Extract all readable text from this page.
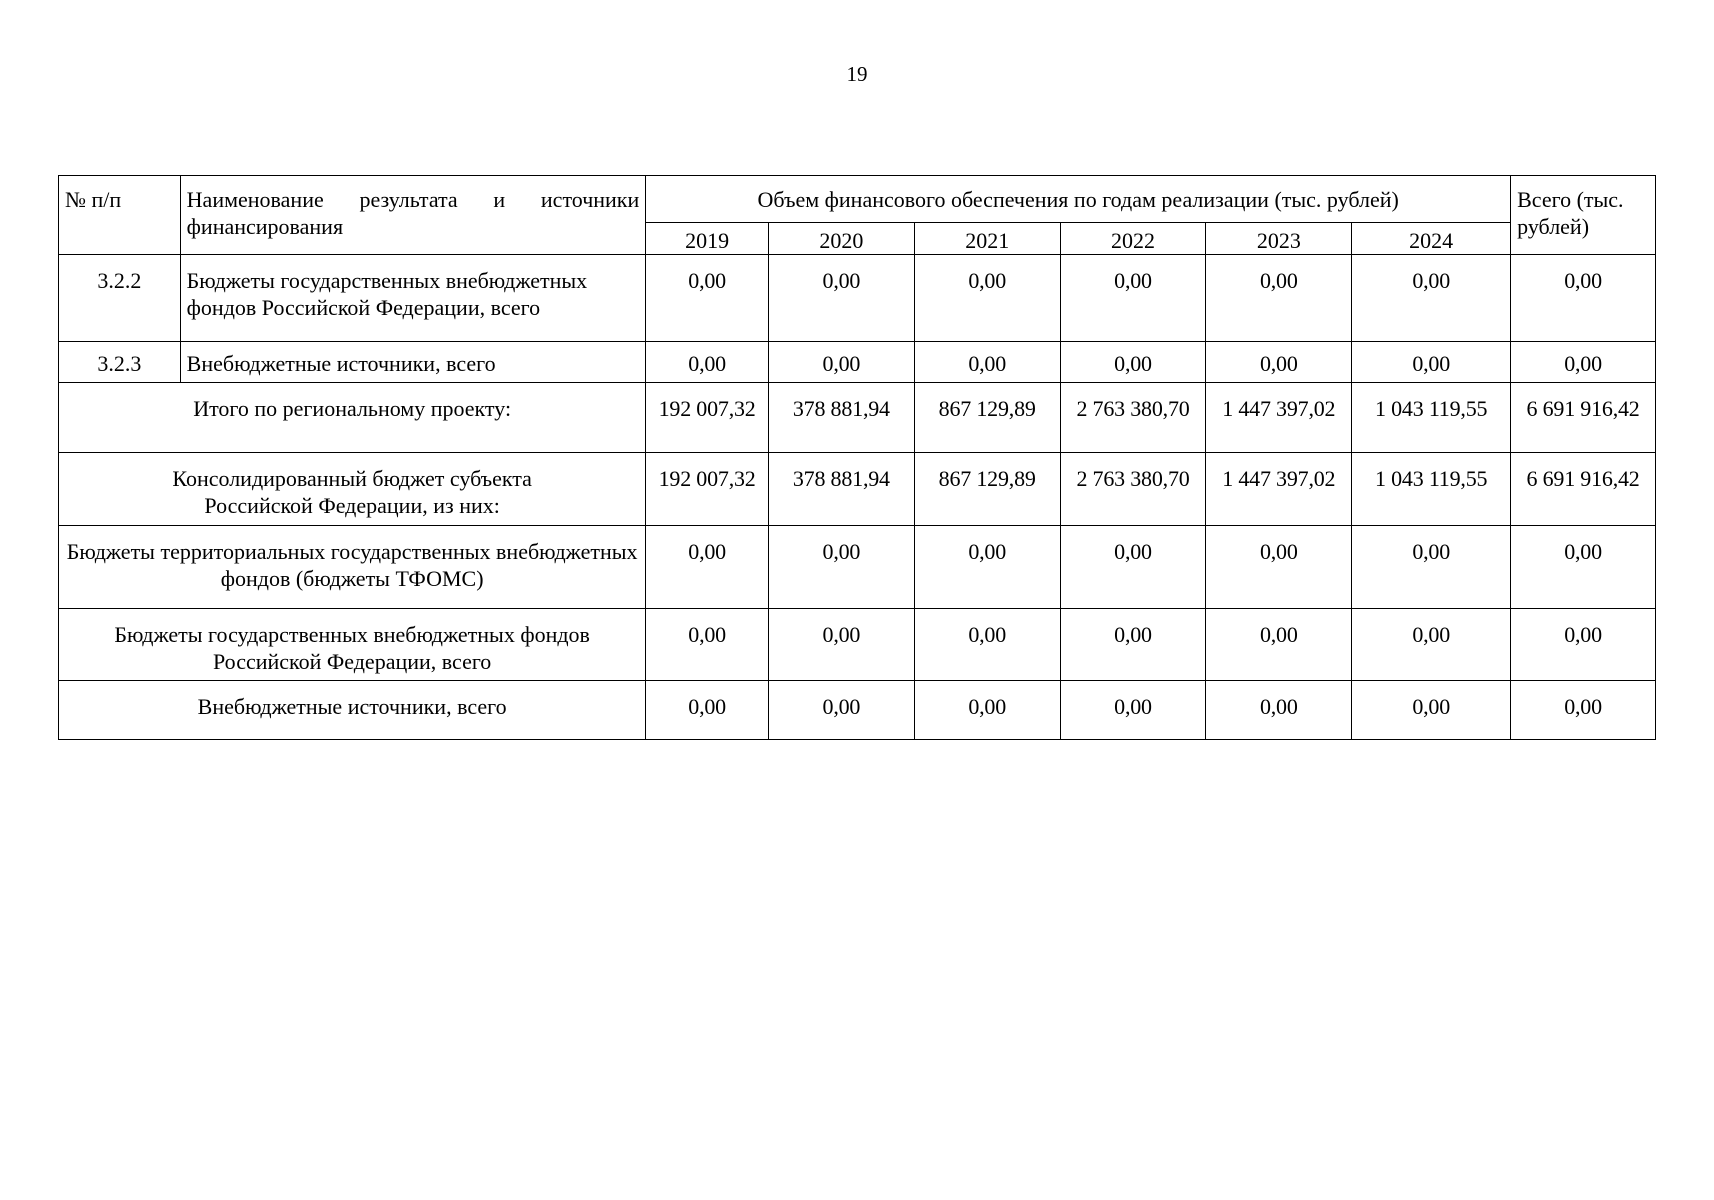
19
№ п/п	Наименование результата и источники финансирования	Объем финансового обеспечения по годам реализации (тыс. рублей)						Всего (тыс. рублей)
		2019	2020	2021	2022	2023	2024	
3.2.2	Бюджеты государственных внебюджетных фондов Российской Федерации, всего	0,00	0,00	0,00	0,00	0,00	0,00	0,00
3.2.3	Внебюджетные источники, всего	0,00	0,00	0,00	0,00	0,00	0,00	0,00
Итого по региональному проекту:		192 007,32	378 881,94	867 129,89	2 763 380,70	1 447 397,02	1 043 119,55	6 691 916,42
Консолидированный бюджет субъекта Российской Федерации, из них:		192 007,32	378 881,94	867 129,89	2 763 380,70	1 447 397,02	1 043 119,55	6 691 916,42
Бюджеты территориальных государственных внебюджетных фондов (бюджеты ТФОМС)		0,00	0,00	0,00	0,00	0,00	0,00	0,00
Бюджеты государственных внебюджетных фондов Российской Федерации, всего		0,00	0,00	0,00	0,00	0,00	0,00	0,00
Внебюджетные источники, всего		0,00	0,00	0,00	0,00	0,00	0,00	0,00
